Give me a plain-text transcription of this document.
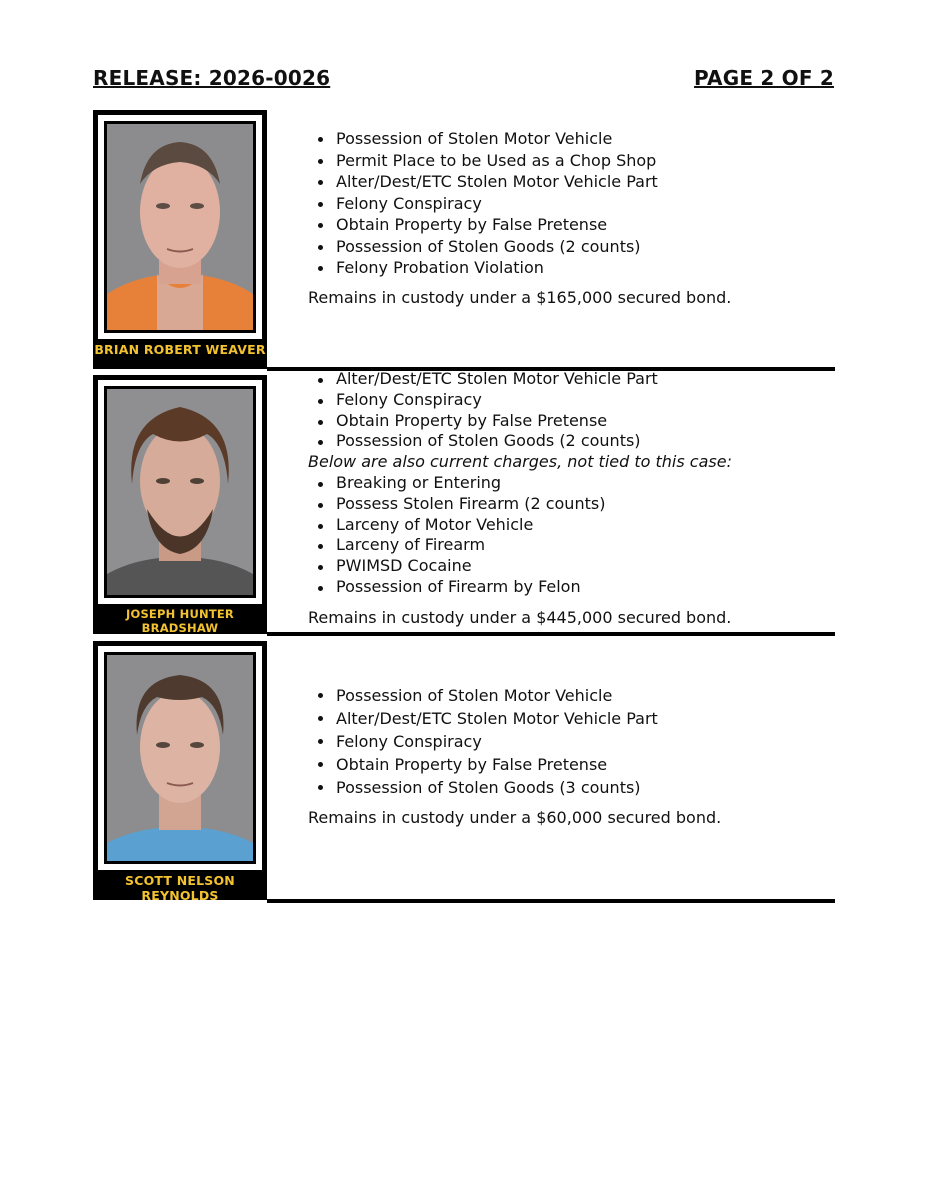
RELEASE: 2026-0026	PAGE 2 OF 2
BRIAN ROBERT WEAVER
Possession of Stolen Motor Vehicle
Permit Place to be Used as a Chop Shop
Alter/Dest/ETC Stolen Motor Vehicle Part
Felony Conspiracy
Obtain Property by False Pretense
Possession of Stolen Goods (2 counts)
Felony Probation Violation
Remains in custody under a $165,000 secured bond.
JOSEPH HUNTER BRADSHAW
Alter/Dest/ETC Stolen Motor Vehicle Part
Felony Conspiracy
Obtain Property by False Pretense
Possession of Stolen Goods (2 counts)
Below are also current charges, not tied to this case:
Breaking or Entering
Possess Stolen Firearm (2 counts)
Larceny of Motor Vehicle
Larceny of Firearm
PWIMSD Cocaine
Possession of Firearm by Felon
Remains in custody under a $445,000 secured bond.
SCOTT NELSON REYNOLDS
Possession of Stolen Motor Vehicle
Alter/Dest/ETC Stolen Motor Vehicle Part
Felony Conspiracy
Obtain Property by False Pretense
Possession of Stolen Goods (3 counts)
Remains in custody under a $60,000 secured bond.
